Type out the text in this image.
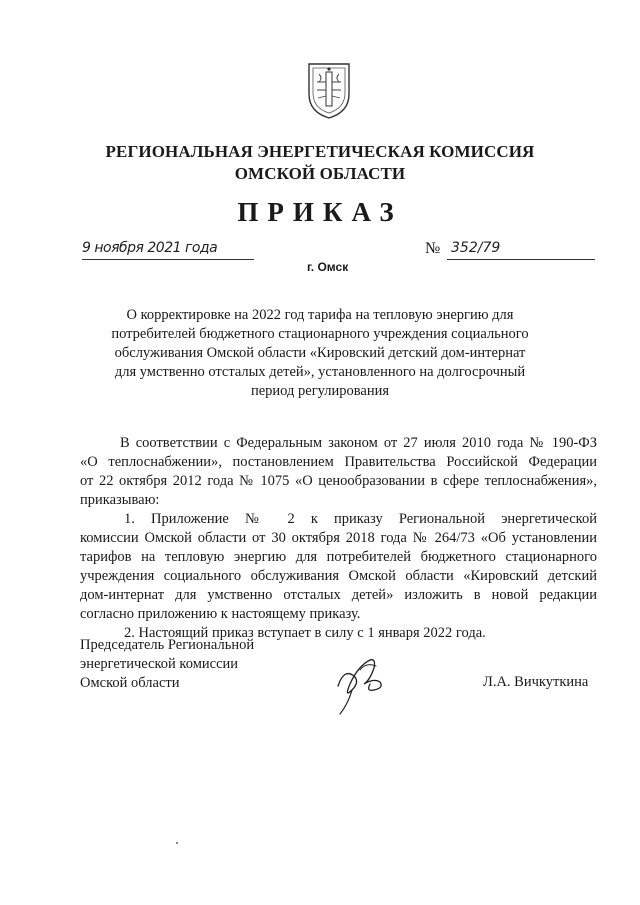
РЕГИОНАЛЬНАЯ ЭНЕРГЕТИЧЕСКАЯ КОМИССИЯ
ОМСКОЙ ОБЛАСТИ
ПРИКАЗ
9 ноября 2021 года
г. Омск
№ 352/79
О корректировке на 2022 год тарифа на тепловую энергию для
потребителей бюджетного стационарного учреждения социального
обслуживания Омской области «Кировский детский дом-интернат
для умственно отсталых детей», установленного на долгосрочный
период регулирования
В соответствии с Федеральным законом от 27 июля 2010 года № 190-ФЗ
«О теплоснабжении», постановлением Правительства Российской Федерации
от 22 октября 2012 года № 1075 «О ценообразовании в сфере теплоснабжения»,
приказываю:
1. Приложение № 2 к приказу Региональной энергетической
комиссии Омской области от 30 октября 2018 года № 264/73 «Об установлении
тарифов на тепловую энергию для потребителей бюджетного стационарного
учреждения социального обслуживания Омской области «Кировский детский
дом-интернат для умственно отсталых детей» изложить в новой редакции
согласно приложению к настоящему приказу.
2. Настоящий приказ вступает в силу с 1 января 2022 года.
Председатель Региональной
энергетической комиссии
Омской области	Л.А. Вичкуткина
